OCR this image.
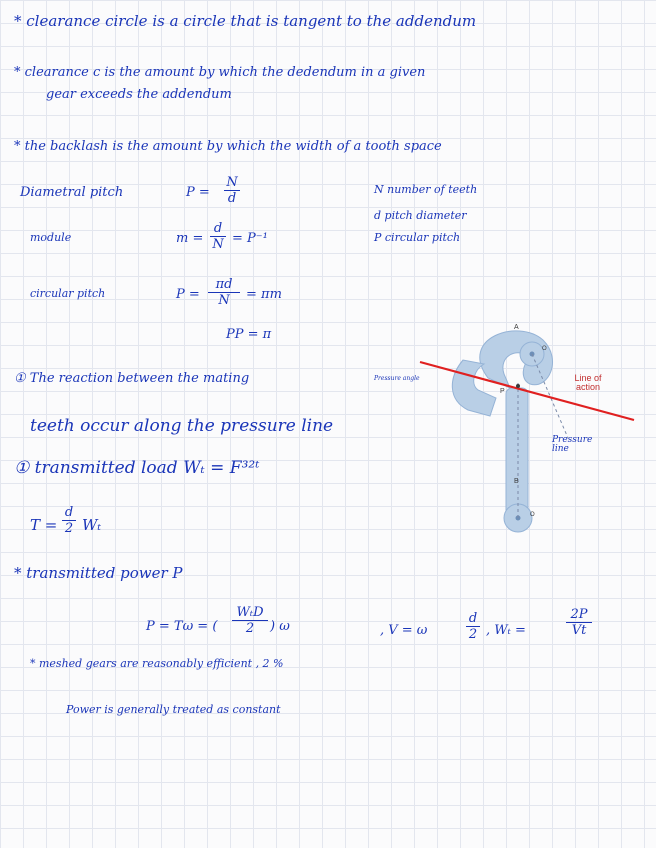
* clearance circle is a circle that is tangent to the addendum
* clearance c is the amount by which the dedendum in a given
gear exceeds the addendum
* the backlash is the amount by which the width of a tooth space
Diametral pitch	P =
N
d
N number of teeth
d pitch diameter
P circular pitch
module	m =
d
N = P⁻¹
circular pitch	P =
πd
N	= πm
PP = π
① The reaction between the mating
teeth occur along the pressure line
① transmitted load Wₜ = F³²ᵗ
T =
d
2 Wₜ
* transmitted power P
P = Tω = (
WₜD
2	) ω	, V = ω
d
2 , Wₜ =
2P
Vt
* meshed gears are reasonably efficient , 2 %
Power is generally treated as constant
A
O
B
O
P
Line of action
Pressure angle
Pressure line
